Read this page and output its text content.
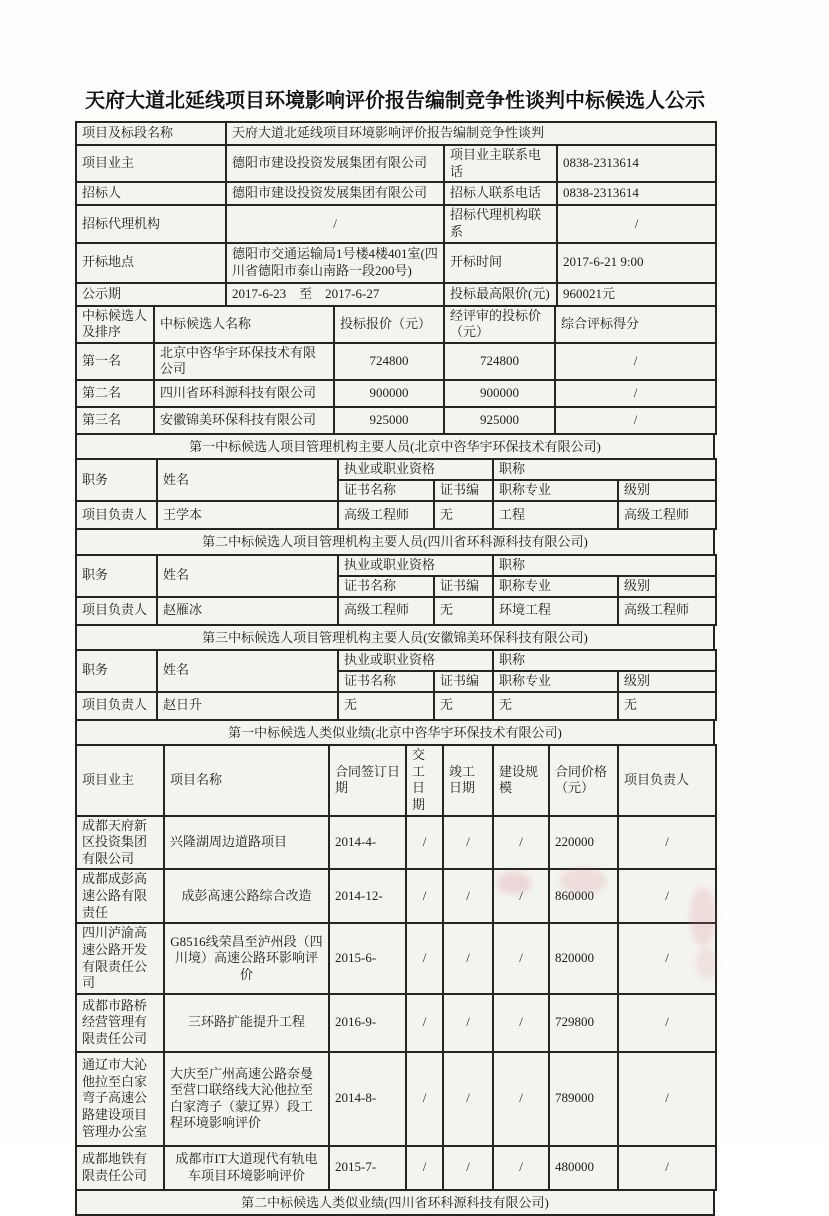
天府大道北延线项目环境影响评价报告编制竞争性谈判中标候选人公示
项目及标段名称	天府大道北延线项目环境影响评价报告编制竞争性谈判		
项目业主	德阳市建设投资发展集团有限公司	项目业主联系电话	0838-2313614
招标人	德阳市建设投资发展集团有限公司	招标人联系电话	0838-2313614
招标代理机构	/	招标代理机构联系	/
开标地点	德阳市交通运输局1号楼4楼401室(四川省德阳市泰山南路一段200号)	开标时间	2017-6-21 9:00
公示期	2017-6-23　至　2017-6-27	投标最高限价(元)	960021元
中标候选人及排序	中标候选人名称	投标报价（元）	经评审的投标价（元）	综合评标得分
第一名	北京中咨华宇环保技术有限公司	724800	724800	/
第二名	四川省环科源科技有限公司	900000	900000	/
第三名	安徽锦美环保科技有限公司	925000	925000	/
第一中标候选人项目管理机构主要人员(北京中咨华宇环保技术有限公司)
职务	姓名	执业或职业资格		职称	
		证书名称	证书编	职称专业	级别
项目负责人	王学本	高级工程师	无	工程	高级工程师
第二中标候选人项目管理机构主要人员(四川省环科源科技有限公司)
职务	姓名	执业或职业资格		职称	
		证书名称	证书编	职称专业	级别
项目负责人	赵雁冰	高级工程师	无	环境工程	高级工程师
第三中标候选人项目管理机构主要人员(安徽锦美环保科技有限公司)
职务	姓名	执业或职业资格		职称	
		证书名称	证书编	职称专业	级别
项目负责人	赵日升	无	无	无	无
第一中标候选人类似业绩(北京中咨华宇环保技术有限公司)
项目业主	项目名称	合同签订日期	交工日期	竣工日期	建设规模	合同价格（元）	项目负责人
成都天府新区投资集团有限公司	兴隆湖周边道路项目	2014-4-	/	/	/	220000	/
成都成彭高速公路有限责任	成彭高速公路综合改造	2014-12-	/	/	/	860000	/
四川泸渝高速公路开发有限责任公司	G8516线荣昌至泸州段（四川境）高速公路环影响评价	2015-6-	/	/	/	820000	/
成都市路桥经营管理有限责任公司	三环路扩能提升工程	2016-9-	/	/	/	729800	/
通辽市大沁他拉至白家弯子高速公路建设项目管理办公室	大庆至广州高速公路奈曼至营口联络线大沁他拉至白家湾子（蒙辽界）段工程环境影响评价	2014-8-	/	/	/	789000	/
成都地铁有限责任公司	成都市IT大道现代有轨电车项目环境影响评价	2015-7-	/	/	/	480000	/
第二中标候选人类似业绩(四川省环科源科技有限公司)
